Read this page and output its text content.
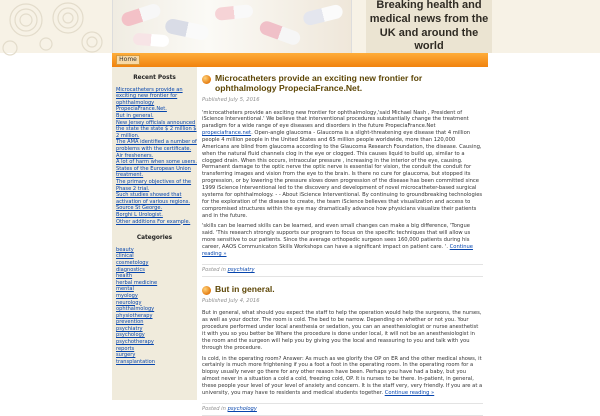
Breaking health and medical news from the UK and around the world
Home
Recent Posts
Microcatheters provide an exciting new frontier for ophthalmology PropeciaFrance.Net.
But in general.
New Jersey officials announced the state the state $ 2 million $ 2 million.
The AMA identified a number of problems with the certificate.
Air fresheners.
A lot of harm when some users.
States of the European Union treatment.
The primary objectives of the Phase 2 trial.
Such studies showed that activation of various regions.
Source St George.
Borghi L Urologist.
Other additions For example.
Categories
beauty
clinical
cosmetology
diagnostics
health
herbal medicine
mental
myology
neurology
ophthalmology
physiotherapy
prevention
psychiatry
psychology
psychotherapy
reports
surgery
transplantation
Microcatheters provide an exciting new frontier for ophthalmology PropeciaFrance.Net.
Published July 5, 2016

'microcatheters provide an exciting new frontier for ophthalmology,'said Michael Nash , President of iScience Interventional.' We believe that interventional procedures substantially change the treatment paradigm for a wide range of eye diseases and disorders in the future PropeciaFrance.Net
propeciafrance.net. Open-angle glaucoma - Glaucoma is a slight-threatening eye disease that 4 million people 4 million people in the United States and 65 million people worldwide, more than 120,000 Americans are blind from glaucoma according to the Glaucoma Research Foundation, the disease. Causing, when the natural fluid channels clog in the eye or clogged. This causes liquid to build up, similar to a clogged drain. When this occurs, intraocular pressure , increasing in the interior of the eye, causing. Permanent damage to the optic nerve the optic nerve is essential for vision, the conduit the conduit for transferring images and vision from the eye to the brain. Is there no cure for glaucoma, but stopped its progression, or by lowering the pressure slows down progression of the disease has been committed since 1999 iScience Interventional led to the discovery and development of novel microcatheter-based surgical systems for ophthalmology. - - About iScience Interventional. By continuing to groundbreaking technologies for the exploration of the disease to create, the team iScience believes that visualization and access to compromised structures within the eye may dramatically advance how physicians visualize their patients and in the future.

'skills can be learned skills can be learned, and even small changes can make a big difference, 'Tongue said. 'This research strongly supports our program to focus on the specific techniques that will allow us more sensitive to our patients. Since the average orthopedic surgeon sees 160,000 patients during his career, AAOS Communicaton Skills Workshops can have a significant impact on patient care. '. Continue reading »

Posted in psychiatry
But in general.
Published July 4, 2016

But in general, what should you expect the staff to help the operation would help the surgeons, the nurses, as well as your doctor. The room is cold. The bed to be narrow. Depending on whether or not you. Your procedure performed under local anesthesia or sedation, you can an anesthesiologist or nurse anesthetist it with you so you better be Where the procedure is done under local, it will not be an anesthesiologist in the room and the surgeon will help you by giving you the local and reassuring to you and talk with you through the procedure.

Is cold, in the operating room? Answer: As much as we glorify the OP on ER and the other medical shows, it certainly is much more frightening if you a foot a foot in the operating room. In the operating room for a biopsy usually never go there for any other reason have been. Perhaps you have had a baby, but you almost never in a situation a cold a cold, freezing cold, OP. It is nurses to be there. In-patient, in general, these people your level of your level of anxiety and concern. It is the staff very, very friendly. If you are at a university, you may have to residents and medical students together. Continue reading »

Posted in psychology
